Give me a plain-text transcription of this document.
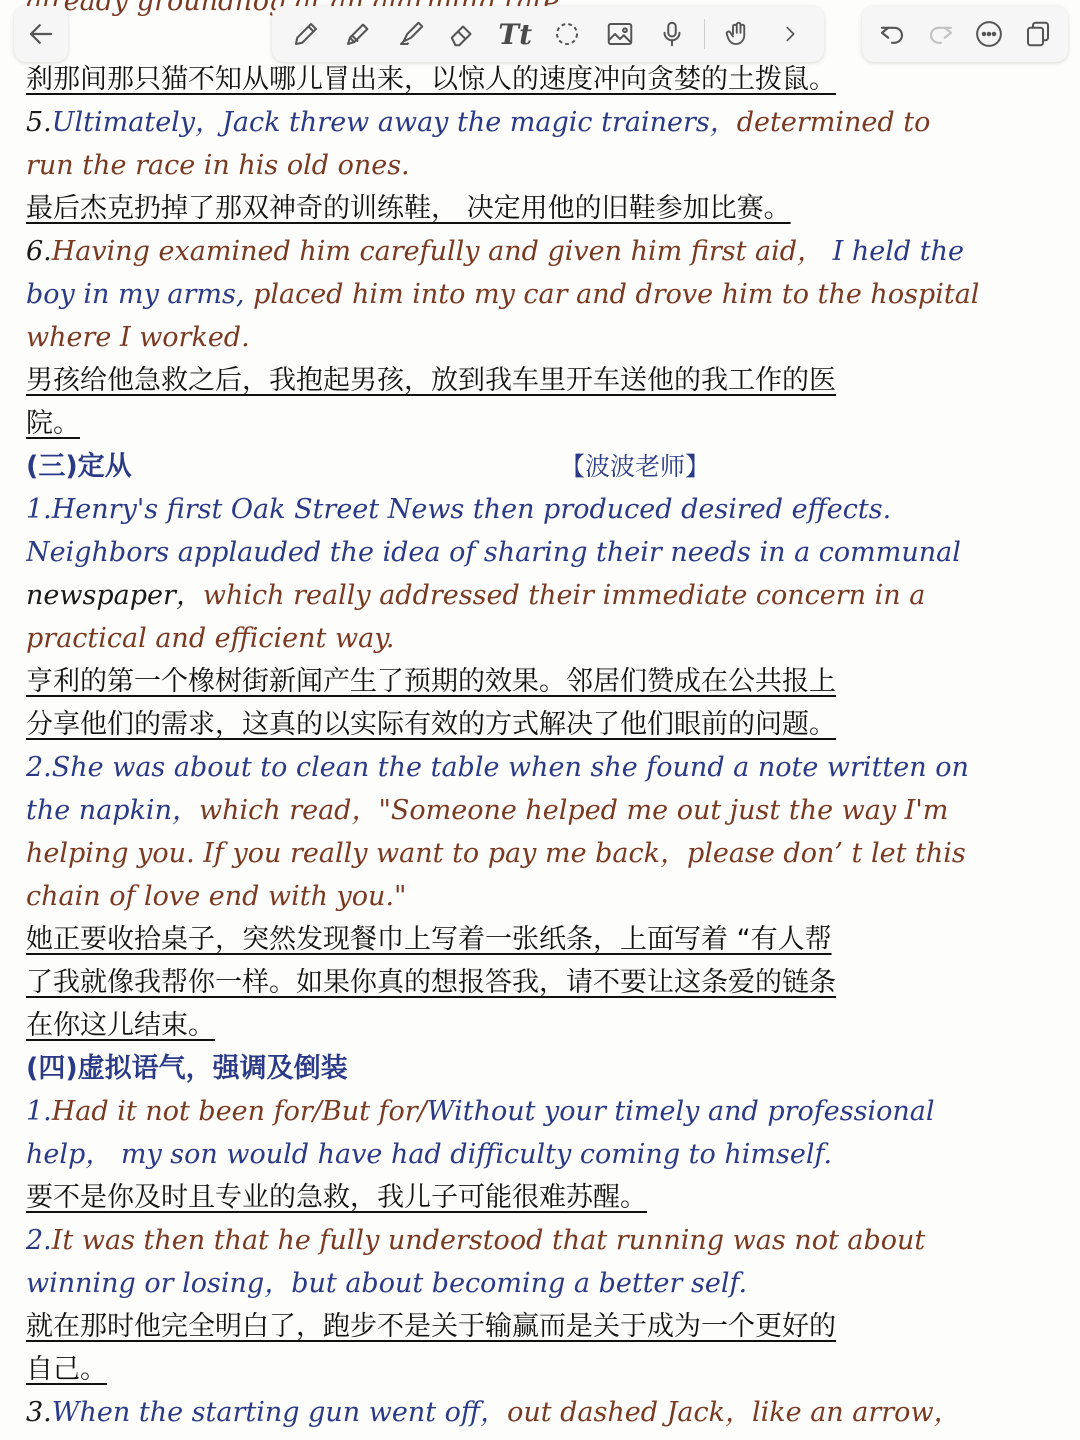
already groundhog
Tt
刹那间那只猫不知从哪儿冒出来，以惊人的速度冲向贪婪的土拨鼠。
5.Ultimately，Jack threw away the magic trainers，determined to
run the race in his old ones.
最后杰克扔掉了那双神奇的训练鞋， 决定用他的旧鞋参加比赛。
6.Having examined him carefully and given him first aid， I held the
boy in my arms, placed him into my car and drove him to the hospital
where I worked.
男孩给他急救之后，我抱起男孩，放到我车里开车送他的我工作的医
院。
(三)定从	【波波老师】
1.Henry's first Oak Street News then produced desired effects.
Neighbors applauded the idea of sharing their needs in a communal
newspaper，which really addressed their immediate concern in a
practical and efficient way.
亨利的第一个橡树街新闻产生了预期的效果。邻居们赞成在公共报上
分享他们的需求，这真的以实际有效的方式解决了他们眼前的问题。
2.She was about to clean the table when she found a note written on
the napkin，which read，"Someone helped me out just the way I'm
helping you. If you really want to pay me back，please don’ t let this
chain of love end with you."
她正要收拾桌子，突然发现餐巾上写着一张纸条，上面写着 “有人帮
了我就像我帮你一样。如果你真的想报答我，请不要让这条爱的链条
在你这儿结束。
(四)虚拟语气，强调及倒装
1.Had it not been for/But for/Without your timely and professional
help， my son would have had difficulty coming to himself.
要不是你及时且专业的急救，我儿子可能很难苏醒。
2.It was then that he fully understood that running was not about
winning or losing，but about becoming a better self.
就在那时他完全明白了，跑步不是关于输赢而是关于成为一个更好的
自己。
3.When the starting gun went off，out dashed Jack，like an arrow，
